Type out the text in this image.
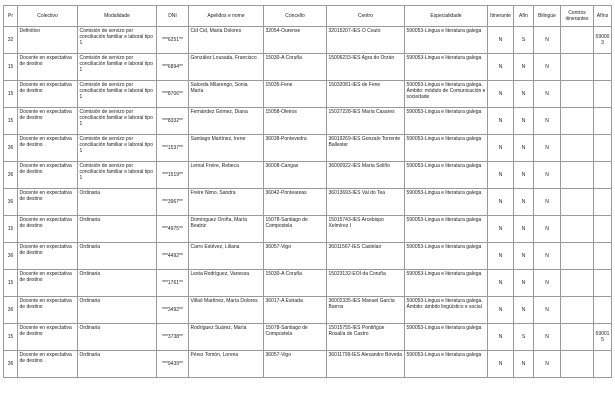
Pr	Colectivo	Modalidade	DNI	Apelidos e nome	Concello	Centro	Especialidade	Itinerante	Afín	Bilingüe	Centros itinerantes	Afíns
32	Definitivo	Comisión de servizo por conciliación familiar e laboral tipo 1	***6251**	Cid Cid, María Dolores	32054-Ourense	32015207-IES O Couto	590053-Lingua e literatura galega	N	S	N		590003
15	Docente en expectativa de destino	Comisión de servizo por conciliación familiar e laboral tipo 1	***6894**	González Lousada, Francisco	15030-A Coruña	15006233-IES Agra do Orzán	590053-Lingua e literatura galega	N	N	N		
15	Docente en expectativa de destino	Comisión de servizo por conciliación familiar e laboral tipo 1	***8706**	Salceda Milarengo, Sonia María	15035-Fene	15032081-IES de Fene	590053-Lingua e literatura galega. Ámbito: módulo de Comunicación e sociedade	N	N	N		
15	Docente en expectativa de destino	Comisión de servizo por conciliación familiar e laboral tipo 1	***8332**	Fernández Gómez, Diana	15058-Oleiros	15027228-IES María Casares	590053-Lingua e literatura galega	N	N	N		
36	Docente en expectativa de destino	Comisión de servizo por conciliación familiar e laboral tipo 1	***1537**	Santiago Martínez, Irene	36038-Pontevedra	36019269-IES Gonzalo Torrente Ballester	590053-Lingua e literatura galega	N	N	N		
36	Docente en expectativa de destino	Comisión de servizo por conciliación familiar e laboral tipo 1	***1519**	Lemat Freire, Rebeca	36008-Cangas	36000922-IES María Soliño	590053-Lingua e literatura galega	N	N	N		
36	Docente en expectativa de destino	Ordinaria	***3967**	Freire Nimo, Sandra	36042-Ponteareas	36013693-IES Val do Tea	590053-Lingua e literatura galega	N	N	N		
15	Docente en expectativa de destino	Ordinaria	***4975**	Domínguez Oroña, María Beatriz	15078-Santiago de Compostela	15015743-IES Arcebispo Xelmírez I	590053-Lingua e literatura galega	N	N	N		
36	Docente en expectativa de destino	Ordinaria	***4492**	Carro Estévez, Liliana	36057-Vigo	36011567-IES Castelao	590053-Lingua e literatura galega	N	N	N		
15	Docente en expectativa de destino	Ordinaria	***1761**	Lesta Rodríguez, Vanessa	15030-A Coruña	15023132-EOI da Coruña	590053-Lingua e literatura galega	N	N	N		
36	Docente en expectativa de destino	Ordinaria	***3492**	Villaó Martínez, María Dolores	36017-A Estrada	36002335-IES Manuel García Barros	590053-Lingua e literatura galega. Ámbito: ámbito lingüístico e social	N	N	N		
15	Docente en expectativa de destino	Ordinaria	***3738**	Rodríguez Suárez, María	15078-Santiago de Compostela	15015755-IES Pontiñgüe Rosalía de Castro	590053-Lingua e literatura galega	N	S	N		590015
36	Docente en expectativa de destino	Ordinaria	***9439**	Pérez Tomón, Lorena	36057-Vigo	36011799-IES Alexandre Bóveda	590053-Lingua e literatura galega	N	N	N		
